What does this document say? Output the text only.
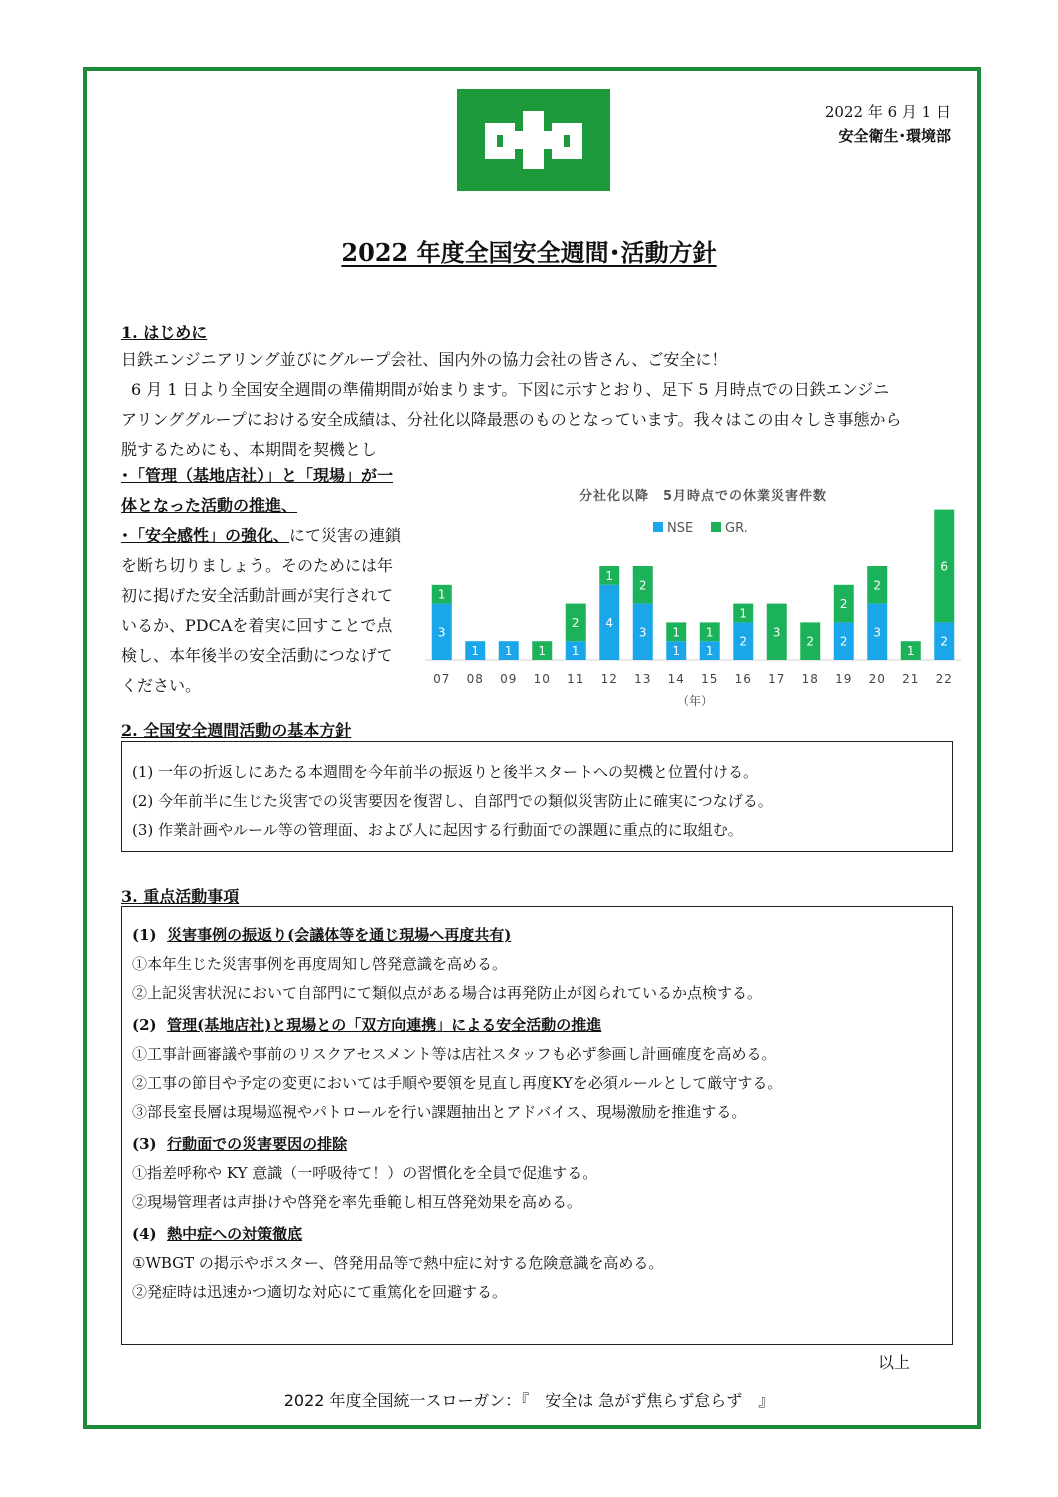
2022 年 6 月 1 日
安全衛生･環境部
2022 年度全国安全週間･活動方針
1. はじめに
日鉄エンジニアリング並びにグループ会社、国内外の協力会社の皆さん、ご安全に！
6 月 1 日より全国安全週間の準備期間が始まります。下図に示すとおり、足下 5 月時点での日鉄エンジニ
アリンググループにおける安全成績は、分社化以降最悪のものとなっています。我々はこの由々しき事態から
脱するためにも、本期間を契機とし
･「管理（基地店社）」と「現場」が一体となった活動の推進、
･「安全感性」の強化、にて災害の連鎖を断ち切りましょう。そのためには年初に掲げた安全活動計画が実行されているか、PDCAを着実に回すことで点検し、本年後半の安全活動につなげてください。
分社化以降　5月時点での休業災害件数
NSE GR.
3
1
07
1
08
1
09
1
10
1
2
11
4
1
12
3
2
13
1
1
14
1
1
15
2
1
16
3
17
2
18
2
2
19
3
2
20
1
21
2
6
22
（年）
2. 全国安全週間活動の基本方針
(1) 一年の折返しにあたる本週間を今年前半の振返りと後半スタートへの契機と位置付ける。
(2) 今年前半に生じた災害での災害要因を復習し、自部門での類似災害防止に確実につなげる。
(3) 作業計画やルール等の管理面、および人に起因する行動面での課題に重点的に取組む。
3. 重点活動事項
(1) 災害事例の振返り(会議体等を通じ現場へ再度共有)
①本年生じた災害事例を再度周知し啓発意識を高める。
②上記災害状況において自部門にて類似点がある場合は再発防止が図られているか点検する。
(2) 管理(基地店社)と現場との「双方向連携」による安全活動の推進
①工事計画審議や事前のリスクアセスメント等は店社スタッフも必ず参画し計画確度を高める。
②工事の節目や予定の変更においては手順や要領を見直し再度KYを必須ルールとして厳守する。
③部長室長層は現場巡視やパトロールを行い課題抽出とアドバイス、現場激励を推進する。
(3) 行動面での災害要因の排除
①指差呼称や KY 意識（一呼吸待て！）の習慣化を全員で促進する。
②現場管理者は声掛けや啓発を率先垂範し相互啓発効果を高める。
(4) 熱中症への対策徹底
①WBGT の掲示やポスター、啓発用品等で熱中症に対する危険意識を高める。
②発症時は迅速かつ適切な対応にて重篤化を回避する。
以上
2022 年度全国統一スローガン：『　安全は 急がず焦らず怠らず　』
